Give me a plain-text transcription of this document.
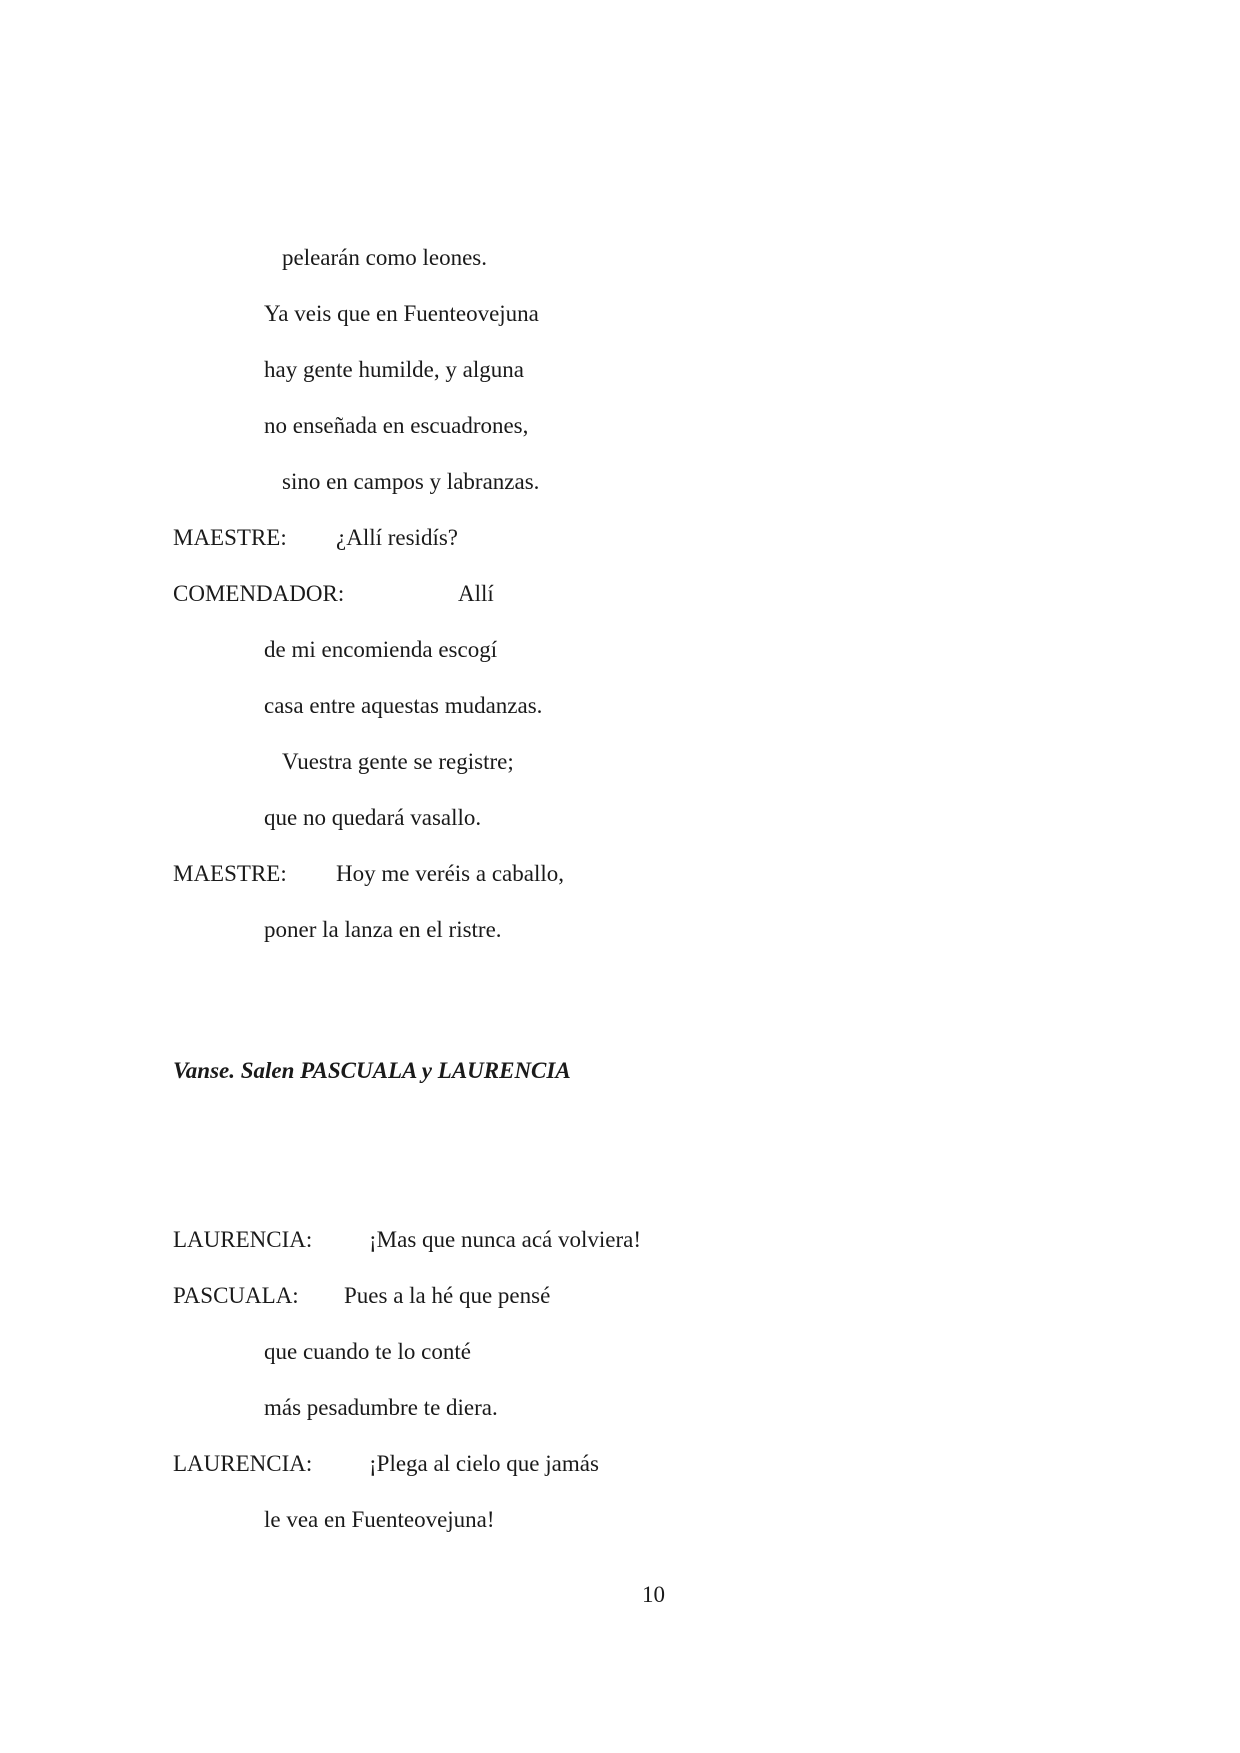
pelearán como leones.
Ya veis que en Fuenteovejuna
hay gente humilde, y alguna
no enseñada en escuadrones,
sino en campos y labranzas.
MAESTRE: ¿Allí residís?
COMENDADOR:	Allí
de mi encomienda escogí
casa entre aquestas mudanzas.
Vuestra gente se registre;
que no quedará vasallo.
MAESTRE: Hoy me veréis a caballo,
poner la lanza en el ristre.
Vanse. Salen PASCUALA y LAURENCIA
LAURENCIA: ¡Mas que nunca acá volviera!
PASCUALA: Pues a la hé que pensé
que cuando te lo conté
más pesadumbre te diera.
LAURENCIA: ¡Plega al cielo que jamás
le vea en Fuenteovejuna!
10
